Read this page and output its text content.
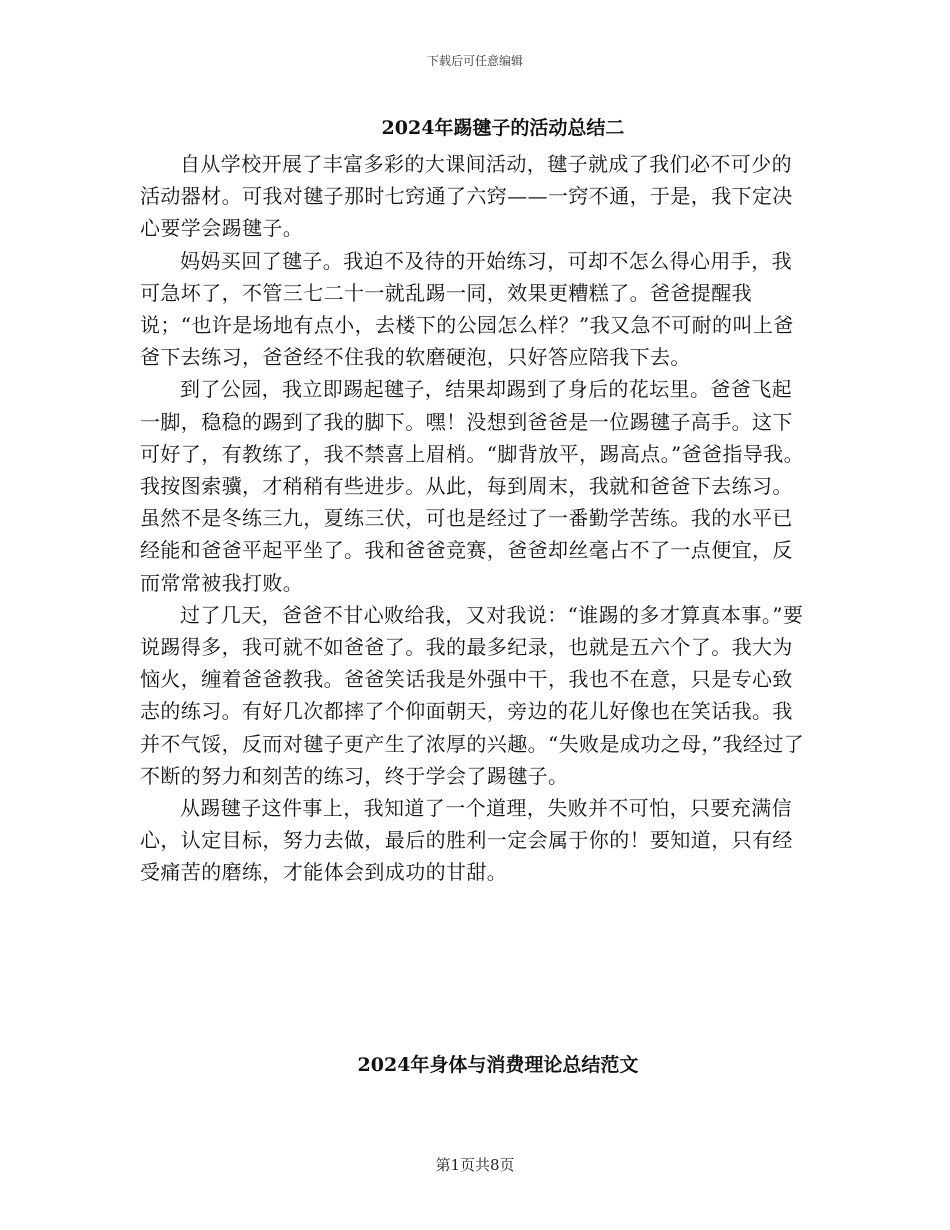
下载后可任意编辑
2024年踢毽子的活动总结二

自从学校开展了丰富多彩的大课间活动，毽子就成了我们必不可少的活动器材。可我对毽子那时七窍通了六窍——一窍不通，于是，我下定决心要学会踢毽子。

妈妈买回了毽子。我迫不及待的开始练习，可却不怎么得心用手，我可急坏了，不管三七二十一就乱踢一同，效果更糟糕了。爸爸提醒我说；“也许是场地有点小，去楼下的公园怎么样？”我又急不可耐的叫上爸爸下去练习，爸爸经不住我的软磨硬泡，只好答应陪我下去。

到了公园，我立即踢起毽子，结果却踢到了身后的花坛里。爸爸飞起一脚，稳稳的踢到了我的脚下。嘿！没想到爸爸是一位踢毽子高手。这下可好了，有教练了，我不禁喜上眉梢。“脚背放平，踢高点。”爸爸指导我。我按图索骥，才稍稍有些进步。从此，每到周末，我就和爸爸下去练习。虽然不是冬练三九，夏练三伏，可也是经过了一番勤学苦练。我的水平已经能和爸爸平起平坐了。我和爸爸竞赛，爸爸却丝毫占不了一点便宜，反而常常被我打败。

过了几天，爸爸不甘心败给我，又对我说：“谁踢的多才算真本事。”要说踢得多，我可就不如爸爸了。我的最多纪录，也就是五六个了。我大为恼火，缠着爸爸教我。爸爸笑话我是外强中干，我也不在意，只是专心致志的练习。有好几次都摔了个仰面朝天，旁边的花儿好像也在笑话我。我并不气馁，反而对毽子更产生了浓厚的兴趣。“失败是成功之母，”我经过了不断的努力和刻苦的练习，终于学会了踢毽子。

从踢毽子这件事上，我知道了一个道理，失败并不可怕，只要充满信心，认定目标，努力去做，最后的胜利一定会属于你的！要知道，只有经受痛苦的磨练，才能体会到成功的甘甜。

2024年身体与消费理论总结范文
第1页共8页
